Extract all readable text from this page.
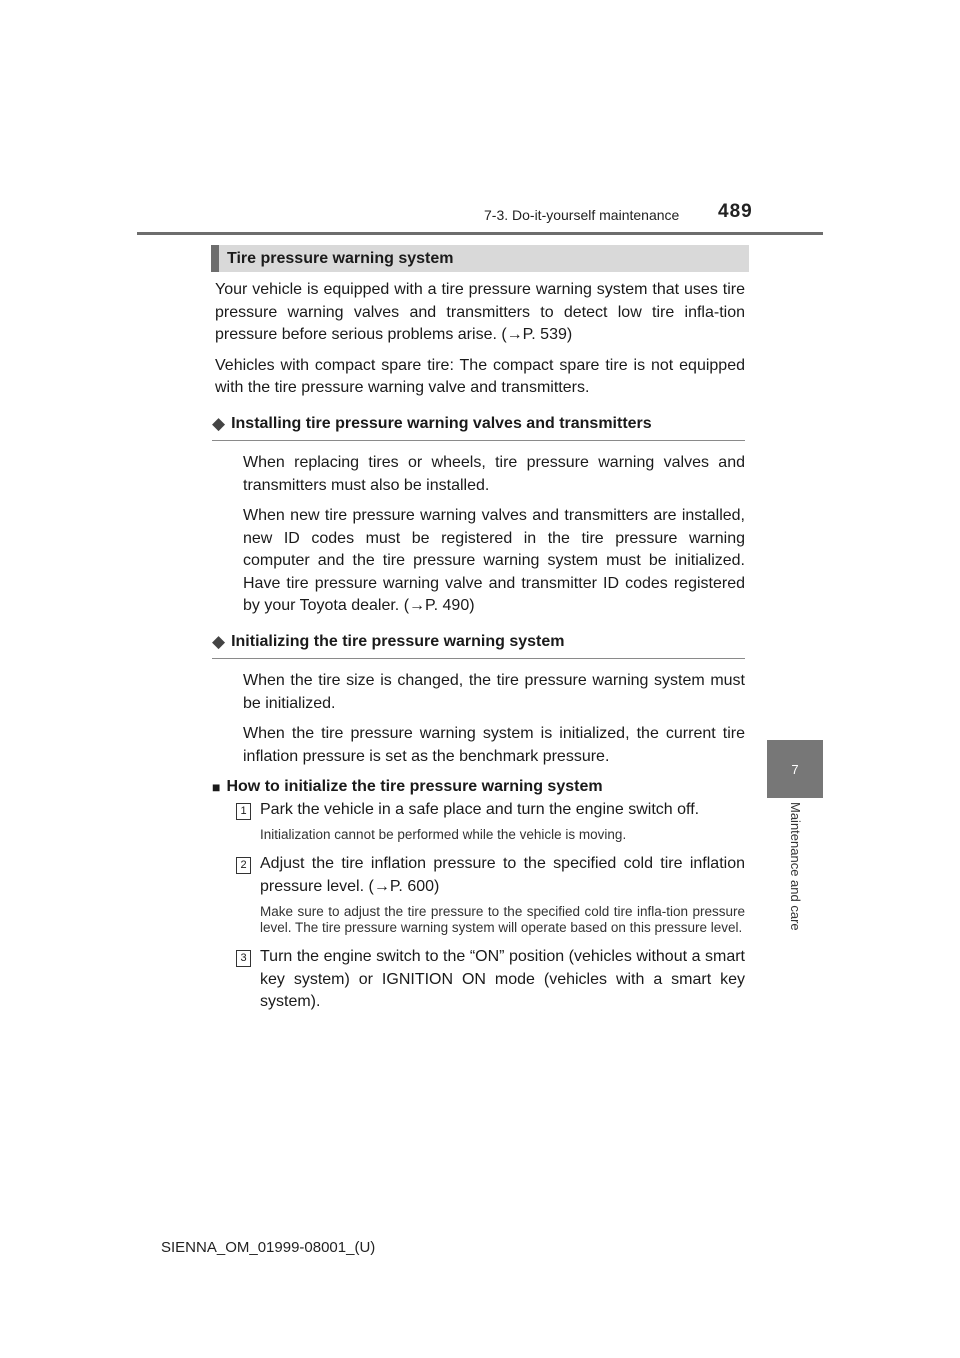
7-3. Do-it-yourself maintenance 489
7
Maintenance and care
Tire pressure warning system

Your vehicle is equipped with a tire pressure warning system that uses tire pressure warning valves and transmitters to detect low tire infla-tion pressure before serious problems arise. (→P. 539)

Vehicles with compact spare tire: The compact spare tire is not equipped with the tire pressure warning valve and transmitters.

◆ Installing tire pressure warning valves and transmitters

When replacing tires or wheels, tire pressure warning valves and transmitters must also be installed.

When new tire pressure warning valves and transmitters are installed, new ID codes must be registered in the tire pressure warning computer and the tire pressure warning system must be initialized. Have tire pressure warning valve and transmitter ID codes registered by your Toyota dealer. (→P. 490)

◆ Initializing the tire pressure warning system

When the tire size is changed, the tire pressure warning system must be initialized.

When the tire pressure warning system is initialized, the current tire inflation pressure is set as the benchmark pressure.

■ How to initialize the tire pressure warning system
1 Park the vehicle in a safe place and turn the engine switch off.

Initialization cannot be performed while the vehicle is moving.

2 Adjust the tire inflation pressure to the specified cold tire inflation pressure level. (→P. 600)

Make sure to adjust the tire pressure to the specified cold tire infla-tion pressure level. The tire pressure warning system will operate based on this pressure level.

3 Turn the engine switch to the “ON” position (vehicles without a smart key system) or IGNITION ON mode (vehicles with a smart key system).

SIENNA_OM_01999-08001_(U)
